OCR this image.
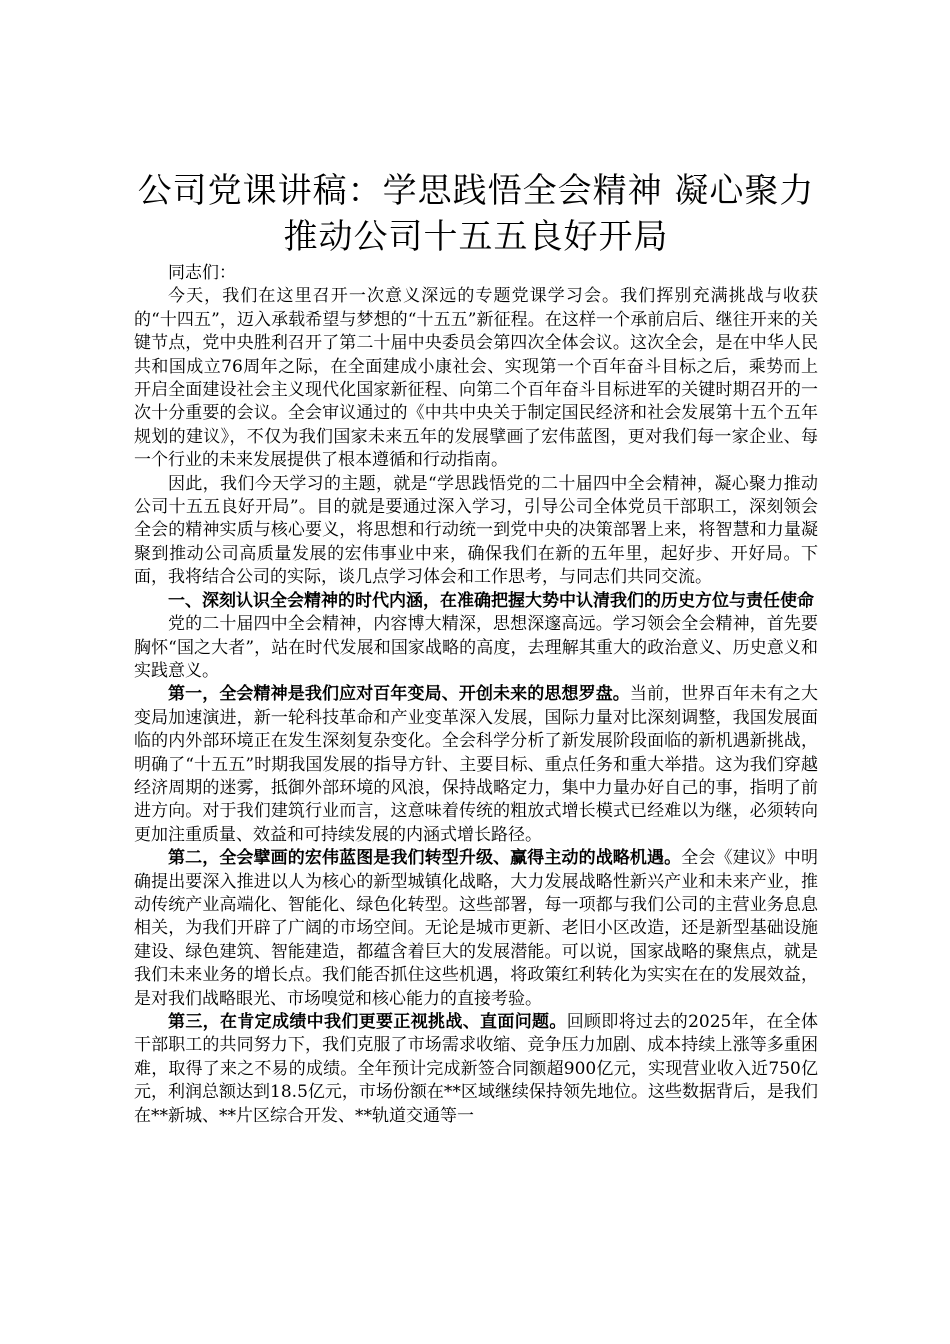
公司党课讲稿：学思践悟全会精神 凝心聚力
推动公司十五五良好开局

同志们：

今天，我们在这里召开一次意义深远的专题党课学习会。我们挥别充满挑战与收获的“十四五”，迈入承载希望与梦想的“十五五”新征程。在这样一个承前启后、继往开来的关键节点，党中央胜利召开了第二十届中央委员会第四次全体会议。这次全会，是在中华人民共和国成立76周年之际，在全面建成小康社会、实现第一个百年奋斗目标之后，乘势而上开启全面建设社会主义现代化国家新征程、向第二个百年奋斗目标进军的关键时期召开的一次十分重要的会议。全会审议通过的《中共中央关于制定国民经济和社会发展第十五个五年规划的建议》，不仅为我们国家未来五年的发展擘画了宏伟蓝图，更对我们每一家企业、每一个行业的未来发展提供了根本遵循和行动指南。

因此，我们今天学习的主题，就是“学思践悟党的二十届四中全会精神，凝心聚力推动公司十五五良好开局”。目的就是要通过深入学习，引导公司全体党员干部职工，深刻领会全会的精神实质与核心要义，将思想和行动统一到党中央的决策部署上来，将智慧和力量凝聚到推动公司高质量发展的宏伟事业中来，确保我们在新的五年里，起好步、开好局。下面，我将结合公司的实际，谈几点学习体会和工作思考，与同志们共同交流。

一、深刻认识全会精神的时代内涵，在准确把握大势中认清我们的历史方位与责任使命

党的二十届四中全会精神，内容博大精深，思想深邃高远。学习领会全会精神，首先要胸怀“国之大者”，站在时代发展和国家战略的高度，去理解其重大的政治意义、历史意义和实践意义。

第一，全会精神是我们应对百年变局、开创未来的思想罗盘。当前，世界百年未有之大变局加速演进，新一轮科技革命和产业变革深入发展，国际力量对比深刻调整，我国发展面临的内外部环境正在发生深刻复杂变化。全会科学分析了新发展阶段面临的新机遇新挑战，明确了“十五五”时期我国发展的指导方针、主要目标、重点任务和重大举措。这为我们穿越经济周期的迷雾，抵御外部环境的风浪，保持战略定力，集中力量办好自己的事，指明了前进方向。对于我们建筑行业而言，这意味着传统的粗放式增长模式已经难以为继，必须转向更加注重质量、效益和可持续发展的内涵式增长路径。

第二，全会擘画的宏伟蓝图是我们转型升级、赢得主动的战略机遇。全会《建议》中明确提出要深入推进以人为核心的新型城镇化战略，大力发展战略性新兴产业和未来产业，推动传统产业高端化、智能化、绿色化转型。这些部署，每一项都与我们公司的主营业务息息相关，为我们开辟了广阔的市场空间。无论是城市更新、老旧小区改造，还是新型基础设施建设、绿色建筑、智能建造，都蕴含着巨大的发展潜能。可以说，国家战略的聚焦点，就是我们未来业务的增长点。我们能否抓住这些机遇，将政策红利转化为实实在在的发展效益，是对我们战略眼光、市场嗅觉和核心能力的直接考验。

第三，在肯定成绩中我们更要正视挑战、直面问题。回顾即将过去的2025年，在全体干部职工的共同努力下，我们克服了市场需求收缩、竞争压力加剧、成本持续上涨等多重困难，取得了来之不易的成绩。全年预计完成新签合同额超900亿元，实现营业收入近750亿元，利润总额达到18.5亿元，市场份额在**区域继续保持领先地位。这些数据背后，是我们在**新城、**片区综合开发、**轨道交通等一
